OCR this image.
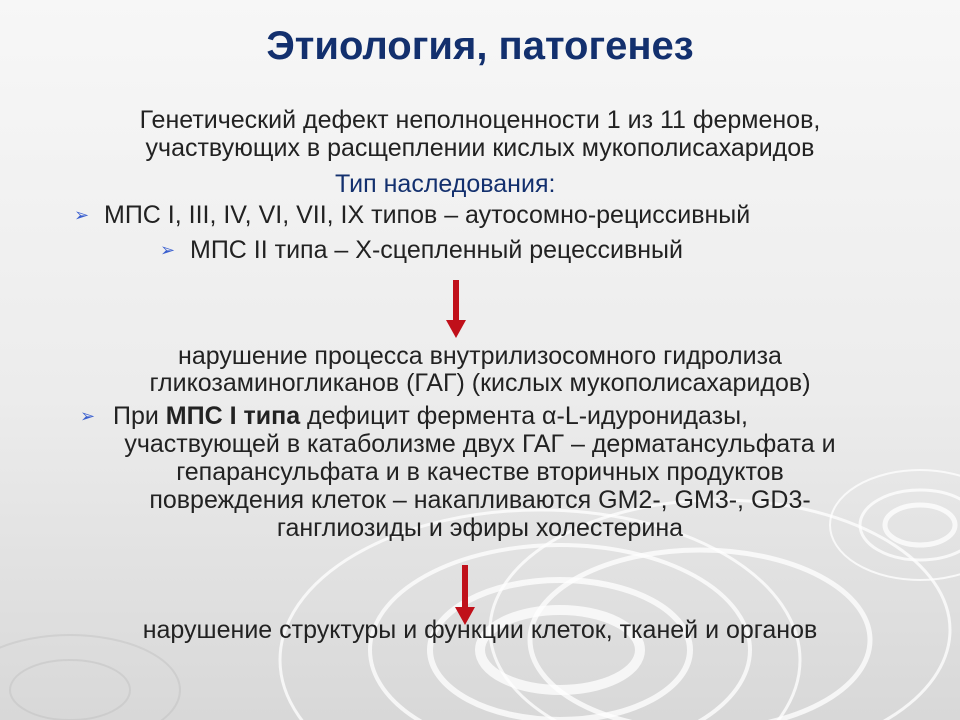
Этиология, патогенез
Генетический дефект неполноценности 1 из 11 ферменов,
участвующих в расщеплении кислых мукополисахаридов
Тип наследования:
➢ МПС I, III, IV, VI, VII, IX типов – аутосомно-рециссивный
➢ МПС II типа – Х-сцепленный рецессивный
нарушение процесса внутрилизосомного гидролиза
гликозаминогликанов (ГАГ) (кислых мукополисахаридов)
➢ При МПС I типа дефицит фермента α-L-идуронидазы,
участвующей в катаболизме двух ГАГ – дерматансульфата и
гепарансульфата и в качестве вторичных продуктов
повреждения клеток – накапливаются GM2-, GM3-, GD3-
ганглиозиды и эфиры холестерина
нарушение структуры и функции клеток, тканей и органов
